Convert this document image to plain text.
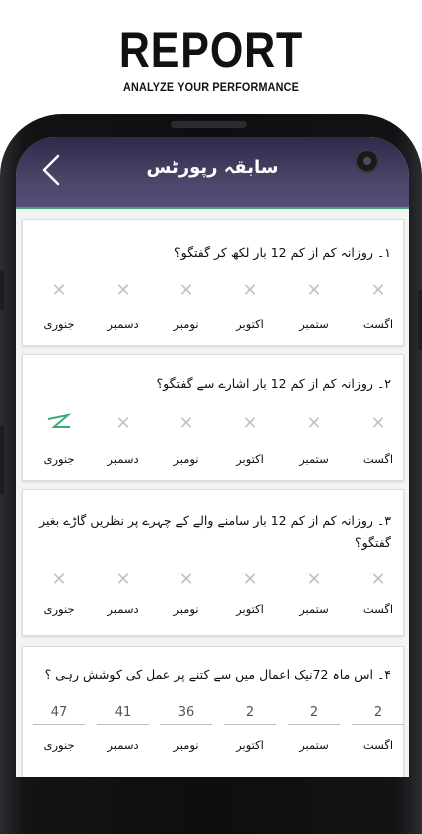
REPORT
ANALYZE YOUR PERFORMANCE
سابقہ رپورٹس
۱۔ روزانہ کم از کم 12 بار لکھ کر گفتگو؟
✕
✕
✕
✕
✕
✕
اگست
ستمبر
اکتوبر
نومبر
دسمبر
جنوری
۲۔ روزانہ کم از کم 12 بار اشارے سے گفتگو؟
✕
✕
✕
✕
✕
اگست
ستمبر
اکتوبر
نومبر
دسمبر
جنوری
۳۔ روزانہ کم از کم 12 بار سامنے والے کے چہرے پر نظریں گاڑے بغیر گفتگو؟
✕
✕
✕
✕
✕
✕
اگست
ستمبر
اکتوبر
نومبر
دسمبر
جنوری
۴۔ اس ماہ 72نیک اعمال میں سے کتنے پر عمل کی کوشش رہی ؟
2
2
2
36
41
47
اگست
ستمبر
اکتوبر
نومبر
دسمبر
جنوری
